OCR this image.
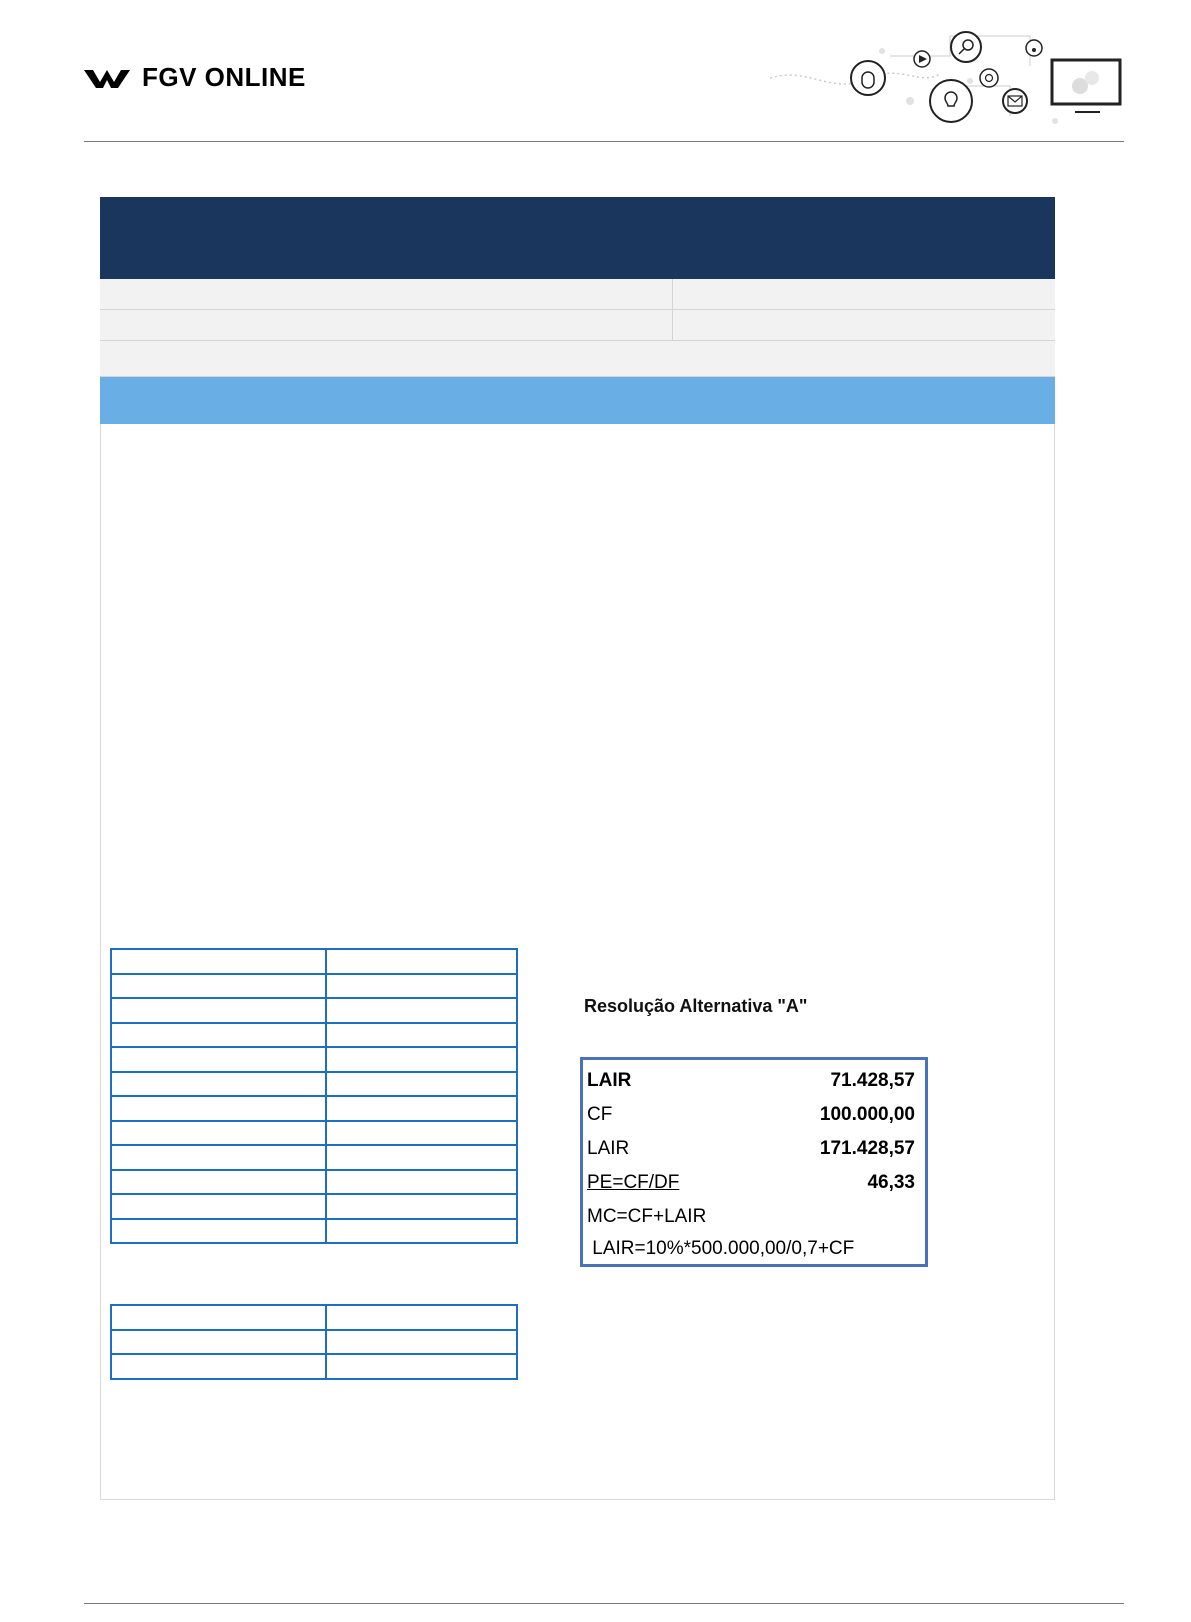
FGV ONLINE

Resolução Alternativa "A"
LAIR	71.428,57
CF	100.000,00
LAIR	171.428,57
PE=CF/DF	46,33
MC=CF+LAIR
LAIR=10%*500.000,00/0,7+CF
